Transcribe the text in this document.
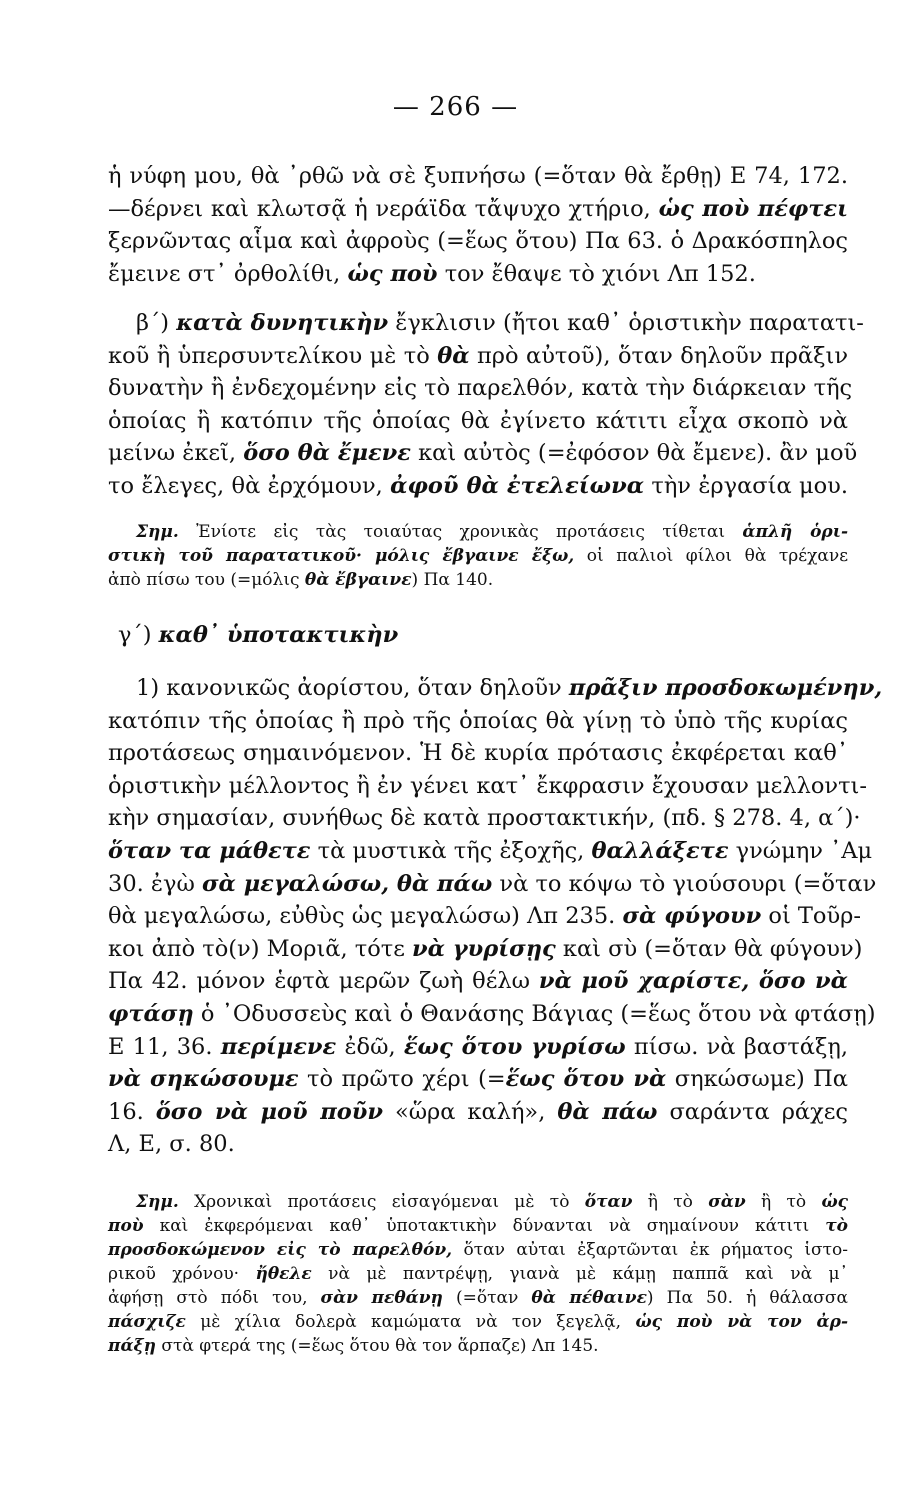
— 266 —
ἡ νύφη μου, θὰ ᾽ρθῶ νὰ σὲ ξυπνήσω (=ὅταν θὰ ἔρθῃ) Ε 74, 172.
—δέρνει καὶ κλωτσᾷ ἡ νεράϊδα τἄψυχο χτήριο, ὡς ποὺ πέφτει
ξερνῶντας αἷμα καὶ ἀφροὺς (=ἕως ὅτου) Πα 63. ὁ Δρακόσπηλος
ἔμεινε στ᾽ ὀρθολίθι, ὡς ποὺ τον ἔθαψε τὸ χιόνι Λπ 152.
β΄) κατὰ δυνητικὴν ἔγκλισιν (ἤτοι καθ᾽ ὁριστικὴν παρατατι-
κοῦ ἢ ὑπερσυντελίκου μὲ τὸ θὰ πρὸ αὐτοῦ), ὅταν δηλοῦν πρᾶξιν
δυνατὴν ἢ ἐνδεχομένην εἰς τὸ παρελθόν, κατὰ τὴν διάρκειαν τῆς
ὁποίας ἢ κατόπιν τῆς ὁποίας θὰ ἐγίνετο κάτιτι εἶχα σκοπὸ νὰ
μείνω ἐκεῖ, ὅσο θὰ ἔμενε καὶ αὐτὸς (=ἐφόσον θὰ ἔμενε). ἂν μοῦ
το ἔλεγες, θὰ ἐρχόμουν, ἀφοῦ θὰ ἐτελείωνα τὴν ἐργασία μου.
Σημ. Ἐνίοτε εἰς τὰς τοιαύτας χρονικὰς προτάσεις τίθεται ἁπλῆ ὁρι-
στικὴ τοῦ παρατατικοῦ· μόλις ἔβγαινε ἔξω, οἱ παλιοὶ φίλοι θὰ τρέχανε
ἀπὸ πίσω του (=μόλις θὰ ἔβγαινε) Πα 140.
γ΄) καθ᾽ ὑποτακτικὴν
1) κανονικῶς ἀορίστου, ὅταν δηλοῦν πρᾶξιν προσδοκωμένην,
κατόπιν τῆς ὁποίας ἢ πρὸ τῆς ὁποίας θὰ γίνῃ τὸ ὑπὸ τῆς κυρίας
προτάσεως σημαινόμενον. Ἡ δὲ κυρία πρότασις ἐκφέρεται καθ᾽
ὁριστικὴν μέλλοντος ἢ ἐν γένει κατ᾽ ἔκφρασιν ἔχουσαν μελλοντι-
κὴν σημασίαν, συνήθως δὲ κατὰ προστακτικήν, (πδ. § 278. 4, α΄)·
ὅταν τα μάθετε τὰ μυστικὰ τῆς ἐξοχῆς, θαλλάξετε γνώμην ᾽Αμ
30. ἐγὼ σὰ μεγαλώσω, θὰ πάω νὰ το κόψω τὸ γιούσουρι (=ὅταν
θὰ μεγαλώσω, εὐθὺς ὡς μεγαλώσω) Λπ 235. σὰ φύγουν οἱ Τοῦρ-
κοι ἀπὸ τὸ(ν) Μοριᾶ, τότε νὰ γυρίσῃς καὶ σὺ (=ὅταν θὰ φύγουν)
Πα 42. μόνον ἑφτὰ μερῶν ζωὴ θέλω νὰ μοῦ χαρίστε, ὅσο νὰ
φτάσῃ ὁ ᾽Οδυσσεὺς καὶ ὁ Θανάσης Βάγιας (=ἕως ὅτου νὰ φτάσῃ)
Ε 11, 36. περίμενε ἐδῶ, ἕως ὅτου γυρίσω πίσω. νὰ βαστάξῃ,
νὰ σηκώσουμε τὸ πρῶτο χέρι (=ἕως ὅτου νὰ σηκώσωμε) Πα
16. ὅσο νὰ μοῦ ποῦν «ὥρα καλή», θὰ πάω σαράντα ράχες
Λ, Ε, σ. 80.
Σημ. Χρονικαὶ προτάσεις εἰσαγόμεναι μὲ τὸ ὅταν ἢ τὸ σὰν ἢ τὸ ὡς
ποὺ καὶ ἐκφερόμεναι καθ᾽ ὑποτακτικὴν δύνανται νὰ σημαίνουν κάτιτι τὸ
προσδοκώμενον εἰς τὸ παρελθόν, ὅταν αὐται ἐξαρτῶνται ἐκ ρήματος ἱστο-
ρικοῦ χρόνου· ἤθελε νὰ μὲ παντρέψῃ, γιανὰ μὲ κάμῃ παππᾶ καὶ νὰ μ᾽
ἀφήσῃ στὸ πόδι του, σὰν πεθάνῃ (=ὅταν θὰ πέθαινε) Πα 50. ἡ θάλασσα
πάσχιζε μὲ χίλια δολερὰ καμώματα νὰ τον ξεγελᾷ, ὡς ποὺ νὰ τον ἀρ-
πάξῃ στὰ φτερά της (=ἕως ὅτου θὰ τον ἅρπαζε) Λπ 145.
